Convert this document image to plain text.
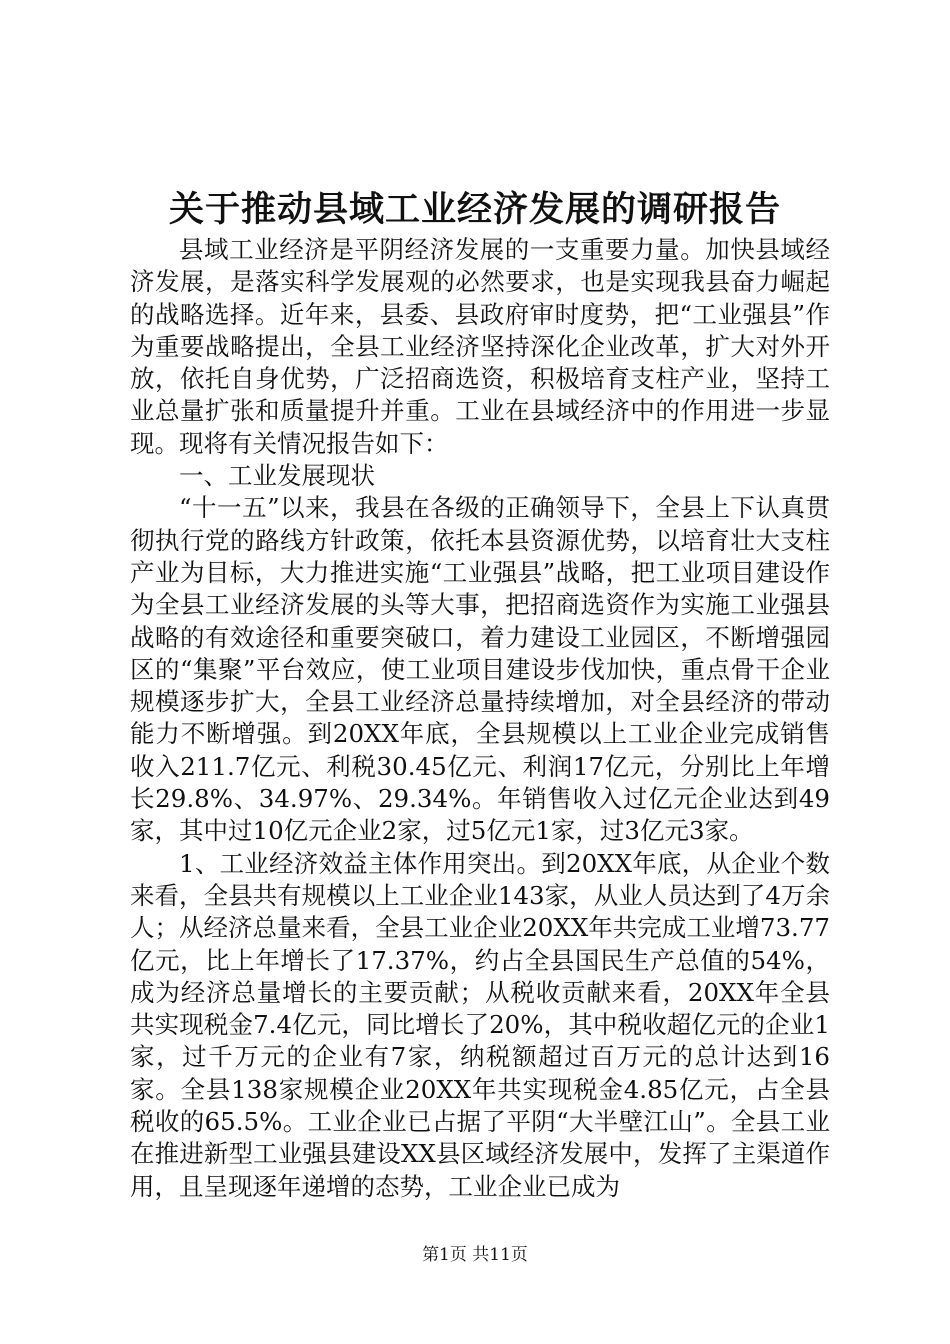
关于推动县域工业经济发展的调研报告

县域工业经济是平阴经济发展的一支重要力量。加快县域经济发展，是落实科学发展观的必然要求，也是实现我县奋力崛起的战略选择。近年来，县委、县政府审时度势，把“工业强县”作为重要战略提出，全县工业经济坚持深化企业改革，扩大对外开放，依托自身优势，广泛招商选资，积极培育支柱产业，坚持工业总量扩张和质量提升并重。工业在县域经济中的作用进一步显现。现将有关情况报告如下：

一、工业发展现状

“十一五”以来，我县在各级的正确领导下，全县上下认真贯彻执行党的路线方针政策，依托本县资源优势，以培育壮大支柱产业为目标，大力推进实施“工业强县”战略，把工业项目建设作为全县工业经济发展的头等大事，把招商选资作为实施工业强县战略的有效途径和重要突破口，着力建设工业园区，不断增强园区的“集聚”平台效应，使工业项目建设步伐加快，重点骨干企业规模逐步扩大，全县工业经济总量持续增加，对全县经济的带动能力不断增强。到20XX年底，全县规模以上工业企业完成销售收入211.7亿元、利税30.45亿元、利润17亿元，分别比上年增长29.8%、34.97%、29.34%。年销售收入过亿元企业达到49家，其中过10亿元企业2家，过5亿元1家，过3亿元3家。

1、工业经济效益主体作用突出。到20XX年底，从企业个数来看，全县共有规模以上工业企业143家，从业人员达到了4万余人；从经济总量来看，全县工业企业20XX年共完成工业增73.77亿元，比上年增长了17.37%，约占全县国民生产总值的54%，成为经济总量增长的主要贡献；从税收贡献来看，20XX年全县共实现税金7.4亿元，同比增长了20%，其中税收超亿元的企业1家，过千万元的企业有7家，纳税额超过百万元的总计达到16家。全县138家规模企业20XX年共实现税金4.85亿元，占全县税收的65.5%。工业企业已占据了平阴“大半壁江山”。全县工业在推进新型工业强县建设XX县区域经济发展中，发挥了主渠道作用，且呈现逐年递增的态势，工业企业已成为

第1页 共11页
